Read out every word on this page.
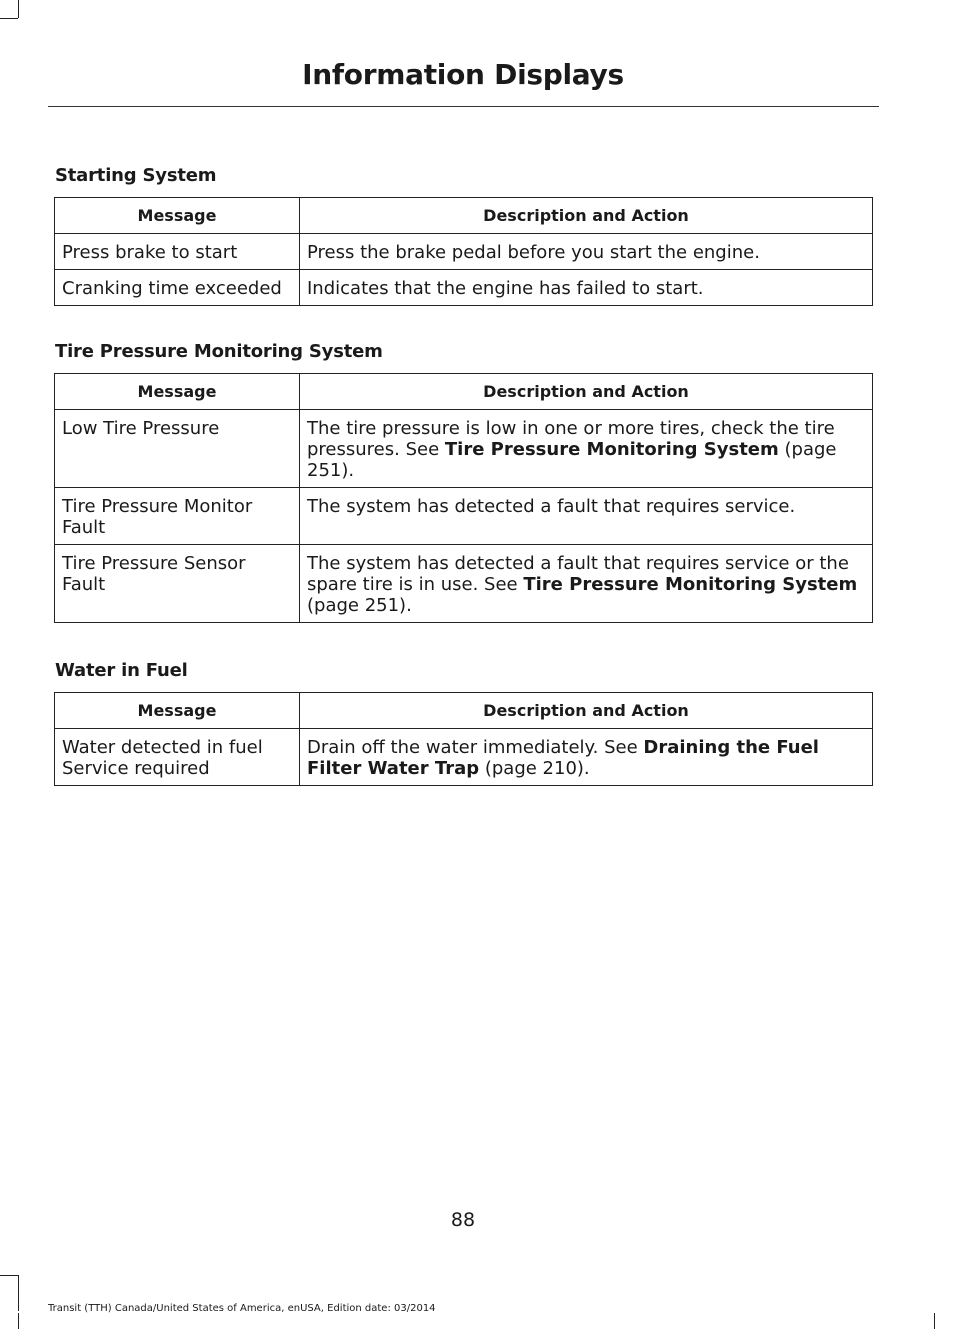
Information Displays
Starting System
Message	Description and Action
Press brake to start	Press the brake pedal before you start the engine.
Cranking time exceeded	Indicates that the engine has failed to start.
Tire Pressure Monitoring System
Message	Description and Action
Low Tire Pressure	The tire pressure is low in one or more tires, check the tire pressures. See Tire Pressure Monitoring System (page 251).
Tire Pressure Monitor Fault	The system has detected a fault that requires service.
Tire Pressure Sensor Fault	The system has detected a fault that requires service or the spare tire is in use. See Tire Pressure Monitoring System (page 251).
Water in Fuel
Message	Description and Action
Water detected in fuel Service required	Drain off the water immediately. See Draining the Fuel Filter Water Trap (page 210).
88
Transit (TTH) Canada/United States of America, enUSA, Edition date: 03/2014
